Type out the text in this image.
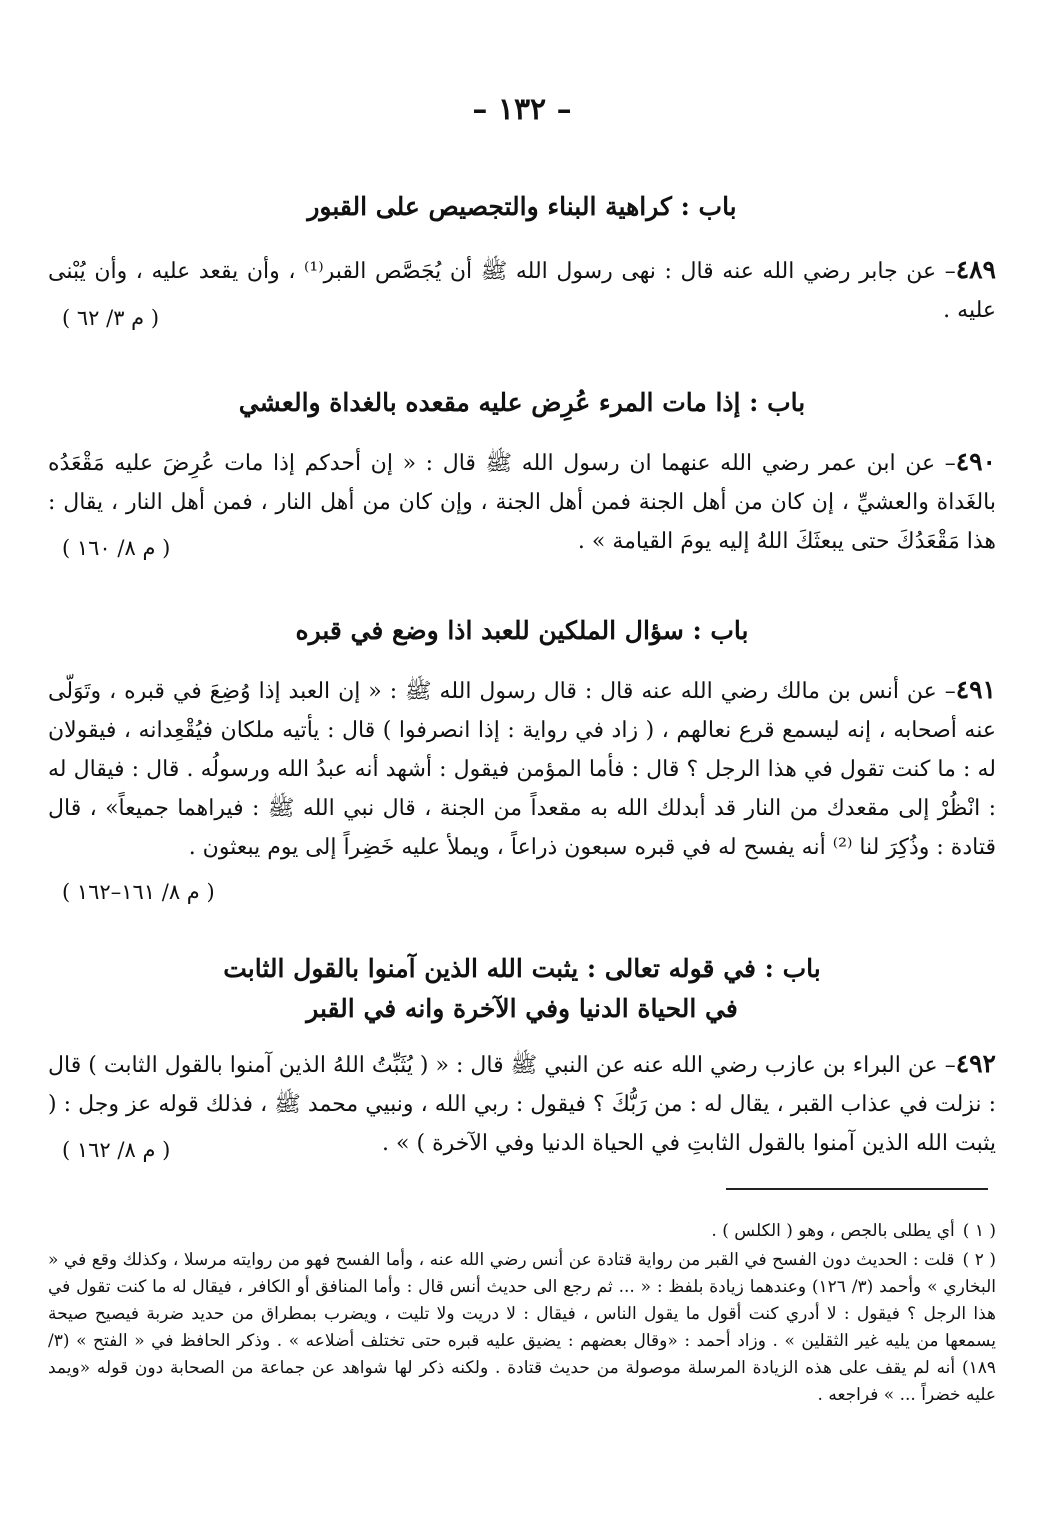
– ١٣٢ –
باب : كراهية البناء والتجصيص على القبور
٤٨٩– عن جابر رضي الله عنه قال : نهى رسول الله ﷺ أن يُجَصَّص القبر⁽¹⁾ ، وأن يقعد عليه ، وأن يُبْنى عليه .
( م ٣/ ٦٢ )
باب : إذا مات المرء عُرِض عليه مقعده بالغداة والعشي
٤٩٠– عن ابن عمر رضي الله عنهما ان رسول الله ﷺ قال : « إن أحدكم إذا مات عُرِضَ عليه مَقْعَدُه بالغَداة والعشيِّ ، إن كان من أهل الجنة فمن أهل الجنة ، وإن كان من أهل النار ، فمن أهل النار ، يقال : هذا مَقْعَدُكَ حتى يبعثَكَ اللهُ إليه يومَ القيامة » .
( م ٨/ ١٦٠ )
باب : سؤال الملكين للعبد اذا وضع في قبره
٤٩١– عن أنس بن مالك رضي الله عنه قال : قال رسول الله ﷺ : « إن العبد إذا وُضِعَ في قبره ، وتَوَلّى عنه أصحابه ، إنه ليسمع قرع نعالهم ، ( زاد في رواية : إذا انصرفوا ) قال : يأتيه ملكان فيُقْعِدانه ، فيقولان له : ما كنت تقول في هذا الرجل ؟ قال : فأما المؤمن فيقول : أشهد أنه عبدُ الله ورسولُه . قال : فيقال له : انْظُرْ إلى مقعدك من النار قد أبدلك الله به مقعداً من الجنة ، قال نبي الله ﷺ : فيراهما جميعاً» ، قال قتادة : وذُكِرَ لنا ⁽²⁾ أنه يفسح له في قبره سبعون ذراعاً ، ويملأ عليه خَضِراً إلى يوم يبعثون .
( م ٨/ ١٦١–١٦٢ )
باب : في قوله تعالى : يثبت الله الذين آمنوا بالقول الثابت
في الحياة الدنيا وفي الآخرة وانه في القبر
٤٩٢– عن البراء بن عازب رضي الله عنه عن النبي ﷺ قال : « ( يُثَبِّتُ اللهُ الذين آمنوا بالقول الثابت ) قال : نزلت في عذاب القبر ، يقال له : من رَبُّكَ ؟ فيقول : ربي الله ، ونبيي محمد ﷺ ، فذلك قوله عز وجل : ( يثبت الله الذين آمنوا بالقول الثابتِ في الحياة الدنيا وفي الآخرة ) » .
( م ٨/ ١٦٢ )
( ١ )أي يطلى بالجص ، وهو ( الكلس ) .
( ٢ )قلت : الحديث دون الفسح في القبر من رواية قتادة عن أنس رضي الله عنه ، وأما الفسح فهو من روايته مرسلا ، وكذلك وقع في « البخاري » وأحمد (٣/ ١٢٦) وعندهما زيادة بلفظ : « ... ثم رجع الى حديث أنس قال : وأما المنافق أو الكافر ، فيقال له ما كنت تقول في هذا الرجل ؟ فيقول : لا أدري كنت أقول ما يقول الناس ، فيقال : لا دريت ولا تليت ، ويضرب بمطراق من حديد ضربة فيصيح صيحة يسمعها من يليه غير الثقلين » . وزاد أحمد : «وقال بعضهم : يضيق عليه قبره حتى تختلف أضلاعه » . وذكر الحافظ في « الفتح » (٣/ ١٨٩) أنه لم يقف على هذه الزيادة المرسلة موصولة من حديث قتادة . ولكنه ذكر لها شواهد عن جماعة من الصحابة دون قوله «ويمد عليه خضراً ... » فراجعه .
